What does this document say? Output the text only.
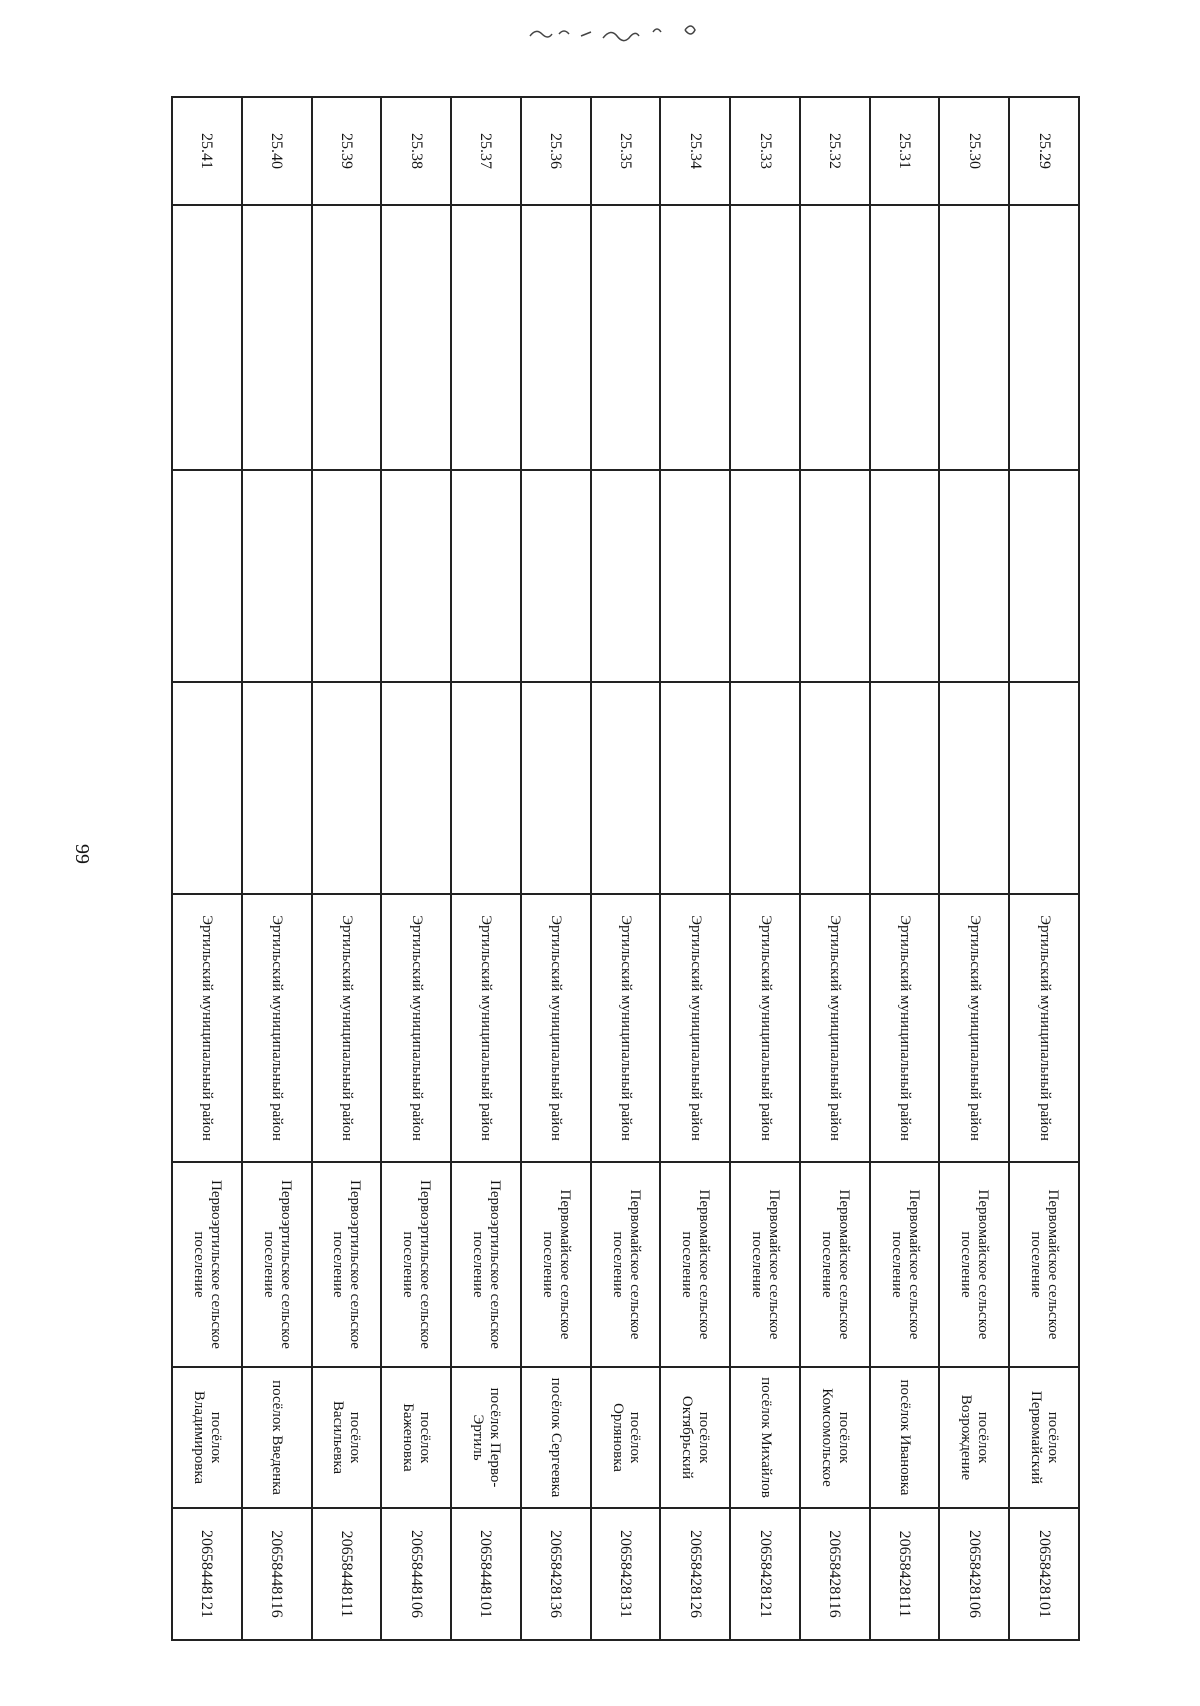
99
25.29				Эртильский муниципальный район	Первомайское сельское поселение	посёлок Первомайский	20658428101
25.30				Эртильский муниципальный район	Первомайское сельское поселение	посёлок Возрождение	20658428106
25.31				Эртильский муниципальный район	Первомайское сельское поселение	посёлок Ивановка	20658428111
25.32				Эртильский муниципальный район	Первомайское сельское поселение	посёлок Комсомольское	20658428116
25.33				Эртильский муниципальный район	Первомайское сельское поселение	посёлок Михайлов	20658428121
25.34				Эртильский муниципальный район	Первомайское сельское поселение	посёлок Октябрьский	20658428126
25.35				Эртильский муниципальный район	Первомайское сельское поселение	посёлок Орляновка	20658428131
25.36				Эртильский муниципальный район	Первомайское сельское поселение	посёлок Сергеевка	20658428136
25.37				Эртильский муниципальный район	Первоэртильское сельское поселение	посёлок Перво-Эртиль	20658448101
25.38				Эртильский муниципальный район	Первоэртильское сельское поселение	посёлок Баженовка	20658448106
25.39				Эртильский муниципальный район	Первоэртильское сельское поселение	посёлок Васильевка	20658448111
25.40				Эртильский муниципальный район	Первоэртильское сельское поселение	посёлок Введенка	20658448116
25.41				Эртильский муниципальный район	Первоэртильское сельское поселение	посёлок Владимировка	20658448121
